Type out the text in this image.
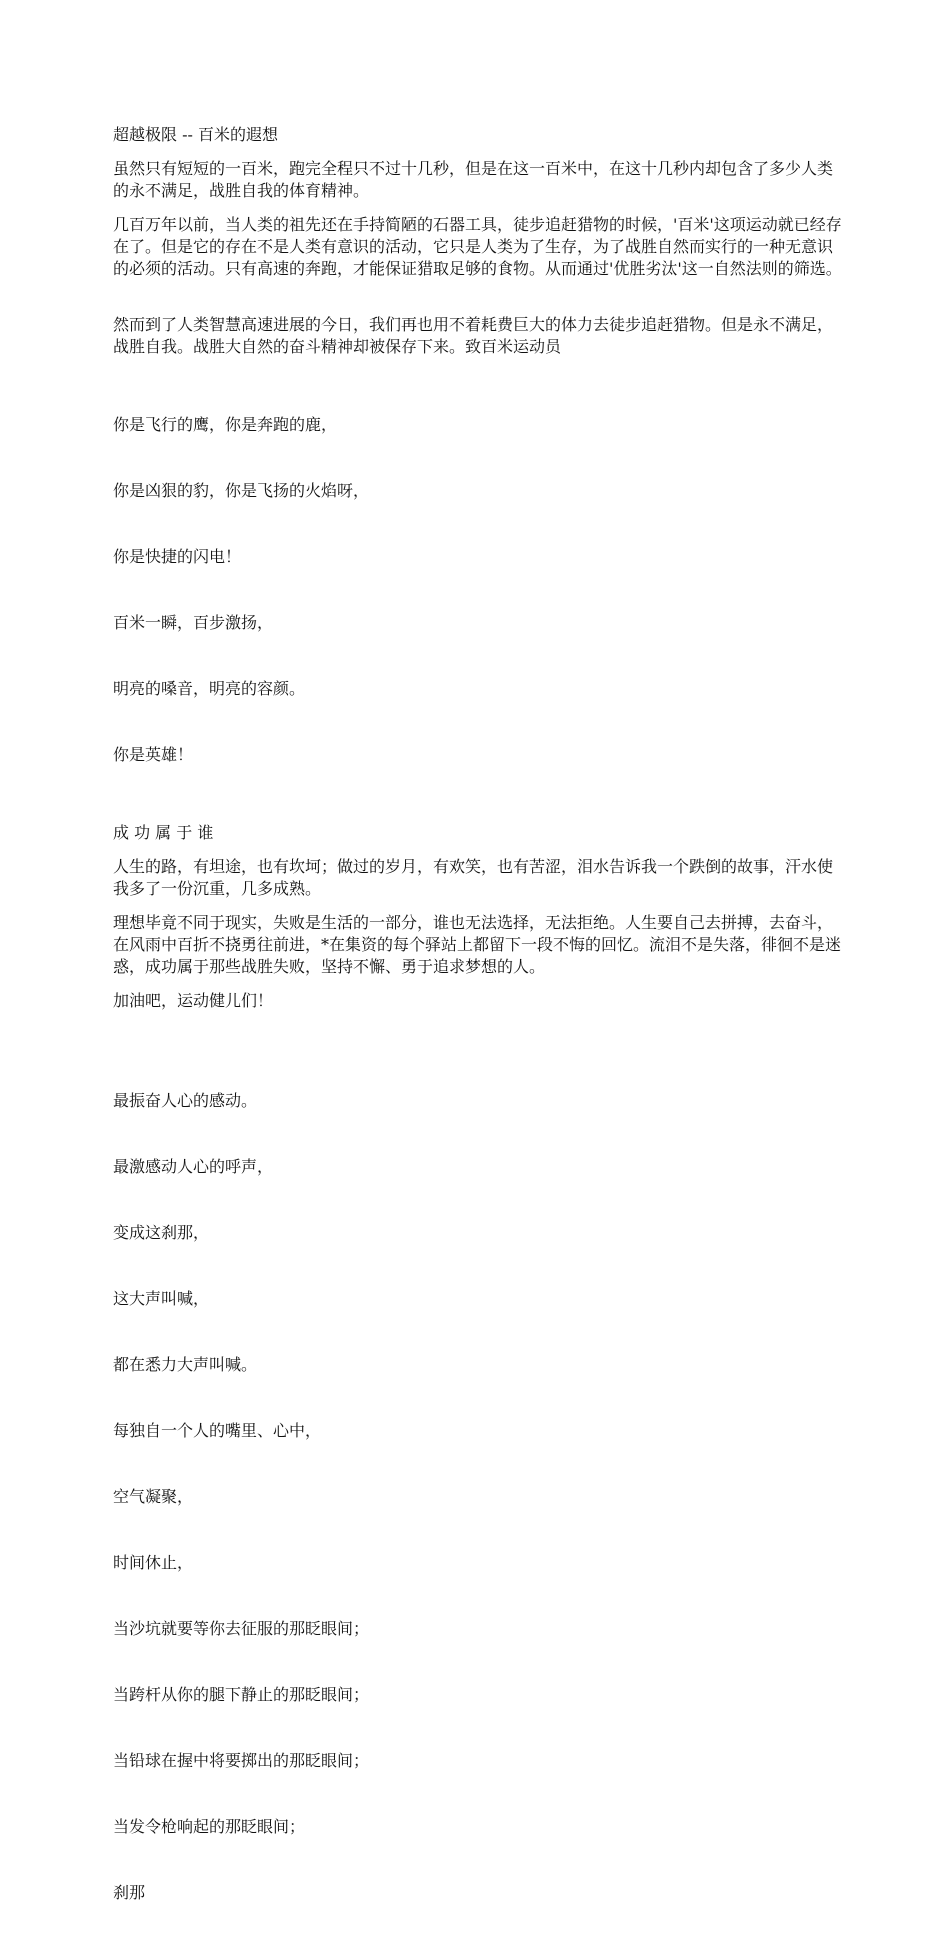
超越极限 -- 百米的遐想

虽然只有短短的一百米，跑完全程只不过十几秒，但是在这一百米中，在这十几秒内却包含了多少人类的永不满足，战胜自我的体育精神。

几百万年以前，当人类的祖先还在手持简陋的石器工具，徒步追赶猎物的时候，'百米'这项运动就已经存在了。但是它的存在不是人类有意识的活动，它只是人类为了生存，为了战胜自然而实行的一种无意识的必须的活动。只有高速的奔跑，才能保证猎取足够的食物。从而通过'优胜劣汰'这一自然法则的筛选。

然而到了人类智慧高速进展的今日，我们再也用不着耗费巨大的体力去徒步追赶猎物。但是永不满足，战胜自我。战胜大自然的奋斗精神却被保存下来。致百米运动员

你是飞行的鹰，你是奔跑的鹿，

你是凶狠的豹，你是飞扬的火焰呀，

你是快捷的闪电！

百米一瞬，百步激扬，

明亮的嗓音，明亮的容颜。

你是英雄！

成 功 属 于 谁

人生的路，有坦途，也有坎坷；做过的岁月，有欢笑，也有苦涩，泪水告诉我一个跌倒的故事，汗水使我多了一份沉重，几多成熟。

理想毕竟不同于现实，失败是生活的一部分，谁也无法选择，无法拒绝。人生要自己去拼搏，去奋斗，在风雨中百折不挠勇往前进，*在集资的每个驿站上都留下一段不悔的回忆。流泪不是失落，徘徊不是迷惑，成功属于那些战胜失败，坚持不懈、勇于追求梦想的人。

加油吧，运动健儿们！

最振奋人心的感动。

最激感动人心的呼声，

变成这刹那，

这大声叫喊，

都在悉力大声叫喊。

每独自一个人的嘴里、心中，

空气凝聚，

时间休止，

当沙坑就要等你去征服的那眨眼间；

当跨杆从你的腿下静止的那眨眼间；

当铅球在握中将要掷出的那眨眼间；

当发令枪响起的那眨眼间；

刹那
